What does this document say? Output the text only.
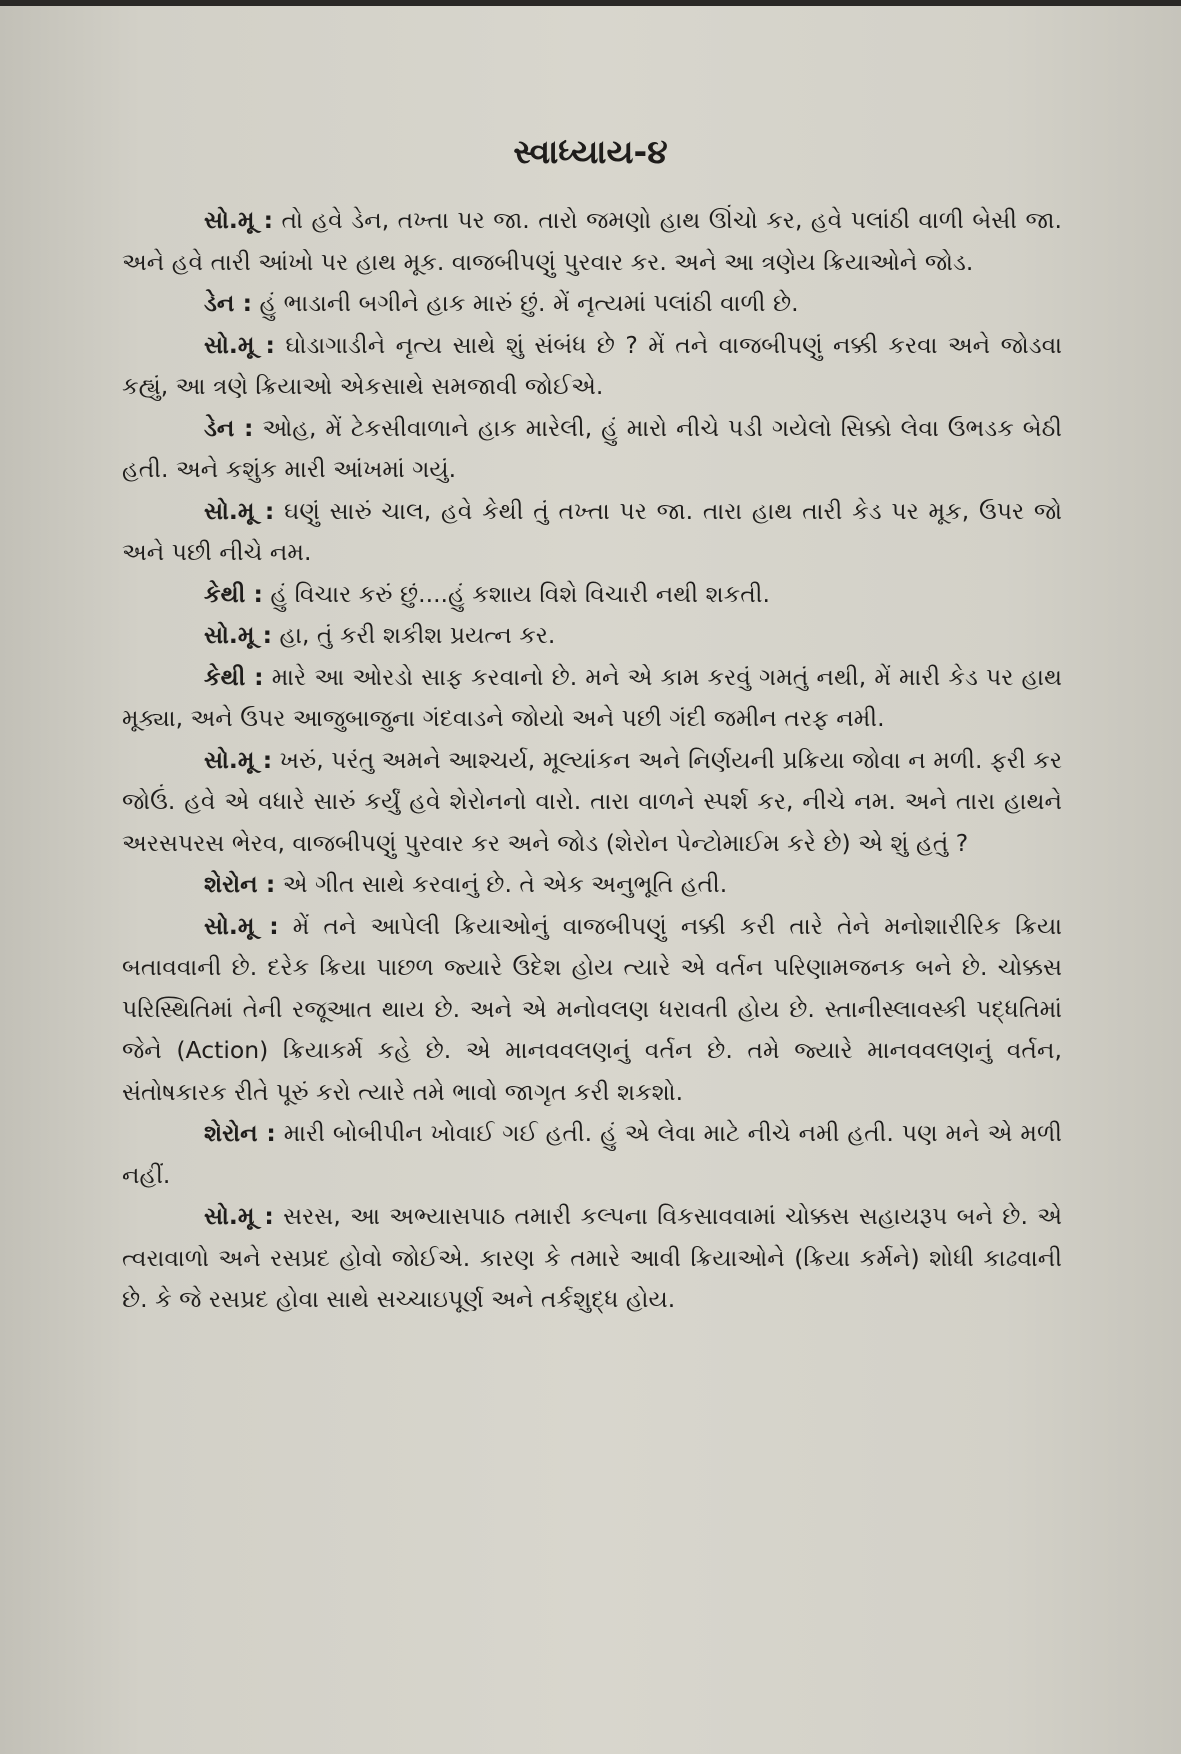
સ્વાધ્યાય-૪

સો.મૂ : તો હવે ડેન, તખ્તા પર જા. તારો જમણો હાથ ઊંચો કર, હવે પલાંઠી વાળી બેસી જા. અને હવે તારી આંખો પર હાથ મૂક. વાજબીપણું પુરવાર કર. અને આ ત્રણેય ક્રિયાઓને જોડ.

ડેન : હું ભાડાની બગીને હાક મારું છું. મેં નૃત્યમાં પલાંઠી વાળી છે.

સો.મૂ : ઘોડાગાડીને નૃત્ય સાથે શું સંબંધ છે ? મેં તને વાજબીપણું નક્કી કરવા અને જોડવા કહ્યું, આ ત્રણે ક્રિયાઓ એકસાથે સમજાવી જોઈએ.

ડેન : ઓહ, મેં ટેકસીવાળાને હાક મારેલી, હું મારો નીચે પડી ગયેલો સિક્કો લેવા ઉભડક બેઠી હતી. અને કશુંક મારી આંખમાં ગયું.

સો.મૂ : ઘણું સારું ચાલ, હવે કેથી તું તખ્તા પર જા. તારા હાથ તારી કેડ પર મૂક, ઉપર જો અને પછી નીચે નમ.

કેથી : હું વિચાર કરું છું....હું કશાય વિશે વિચારી નથી શકતી.

સો.મૂ : હા, તું કરી શકીશ પ્રયત્ન કર.

કેથી : મારે આ ઓરડો સાફ કરવાનો છે. મને એ કામ કરવું ગમતું નથી, મેં મારી કેડ પર હાથ મૂક્યા, અને ઉપર આજુબાજુના ગંદવાડને જોયો અને પછી ગંદી જમીન તરફ નમી.

સો.મૂ : ખરું, પરંતુ અમને આશ્ચર્ય, મૂલ્યાંકન અને નિર્ણયની પ્રક્રિયા જોવા ન મળી. ફરી કર જોઉં. હવે એ વધારે સારું કર્યું હવે શેરોનનો વારો. તારા વાળને સ્પર્શ કર, નીચે નમ. અને તારા હાથને અરસપરસ ભેરવ, વાજબીપણું પુરવાર કર અને જોડ (શેરોન પેન્ટોમાઈમ કરે છે) એ શું હતું ?

શેરોન : એ ગીત સાથે કરવાનું છે. તે એક અનુભૂતિ હતી.

સો.મૂ : મેં તને આપેલી ક્રિયાઓનું વાજબીપણું નક્કી કરી તારે તેને મનોશારીરિક ક્રિયા બતાવવાની છે. દરેક ક્રિયા પાછળ જ્યારે ઉદેશ હોય ત્યારે એ વર્તન પરિણામજનક બને છે. ચોક્કસ પરિસ્થિતિમાં તેની રજૂઆત થાય છે. અને એ મનોવલણ ધરાવતી હોય છે. સ્તાનીસ્લાવસ્કી પદ્ધતિમાં જેને (Action) ક્રિયાકર્મ કહે છે. એ માનવવલણનું વર્તન છે. તમે જ્યારે માનવવલણનું વર્તન, સંતોષકારક રીતે પૂરું કરો ત્યારે તમે ભાવો જાગૃત કરી શકશો.

શેરોન : મારી બોબીપીન ખોવાઈ ગઈ હતી. હું એ લેવા માટે નીચે નમી હતી. પણ મને એ મળી નહીં.

સો.મૂ : સરસ, આ અભ્યાસપાઠ તમારી કલ્પના વિકસાવવામાં ચોક્કસ સહાયરૂપ બને છે. એ ત્વરાવાળો અને રસપ્રદ હોવો જોઈએ. કારણ કે તમારે આવી ક્રિયાઓને (ક્રિયા કર્મને) શોધી કાઢવાની છે. કે જે રસપ્રદ હોવા સાથે સચ્ચાઇપૂર્ણ અને તર્કશુદ્ધ હોય.
